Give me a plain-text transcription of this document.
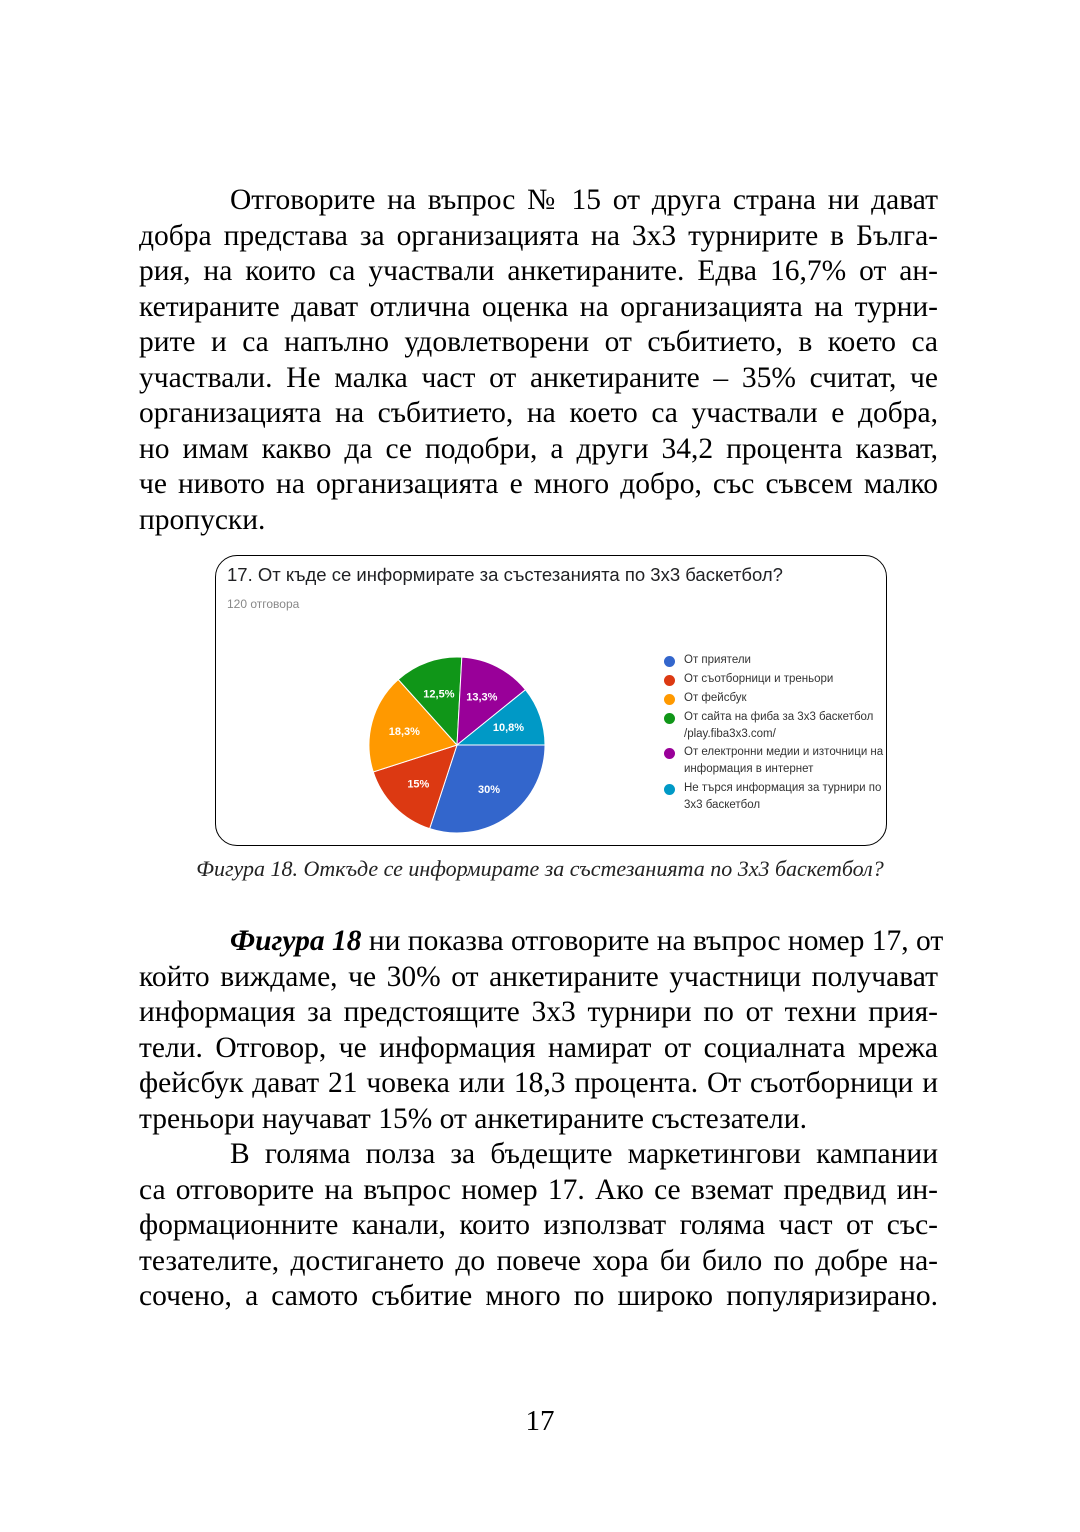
Отговорите на въпрос № 15 от друга страна ни дават
добра представа за организацията на 3х3 турнирите в Бълга-
рия, на които са участвали анкетираните. Едва 16,7% от ан-
кетираните дават отлична оценка на организацията на турни-
рите и са напълно удовлетворени от събитието, в което са
участвали. Не малка част от анкетираните – 35% считат, че
организацията на събитието, на което са участвали е добра,
но имам какво да се подобри, а други 34,2 процента казват,
че нивото на организацията е много добро, със съвсем малко
пропуски.
30%
15%
18,3%
12,5% 13,3%
10,8%
17. От къде се информирате за състезанията по 3х3 баскетбол?
120 отговора
От приятели
От съотборници и треньори
От фейсбук
От сайта на фиба за 3х3 баскетбол /play.fiba3x3.com/
От електронни медии и източници на информация в интернет
Не търся информация за турнири по 3х3 баскетбол
Фигура 18. Откъде се информирате за състезанията по 3х3 баскетбол?
Фигура 18 ни показва отговорите на въпрос номер 17, от
който виждаме, че 30% от анкетираните участници получават
информация за предстоящите 3х3 турнири по от техни прия-
тели. Отговор, че информация намират от социалната мрежа
фейсбук дават 21 човека или 18,3 процента. От съотборници и
треньори научават 15% от анкетираните състезатели.
В голяма полза за бъдещите маркетингови кампании
са отговорите на въпрос номер 17. Ако се вземат предвид ин-
формационните канали, които използват голяма част от със-
тезателите, достигането до повече хора би било по добре на-
сочено, а самото събитие много по широко популяризирано.
17
